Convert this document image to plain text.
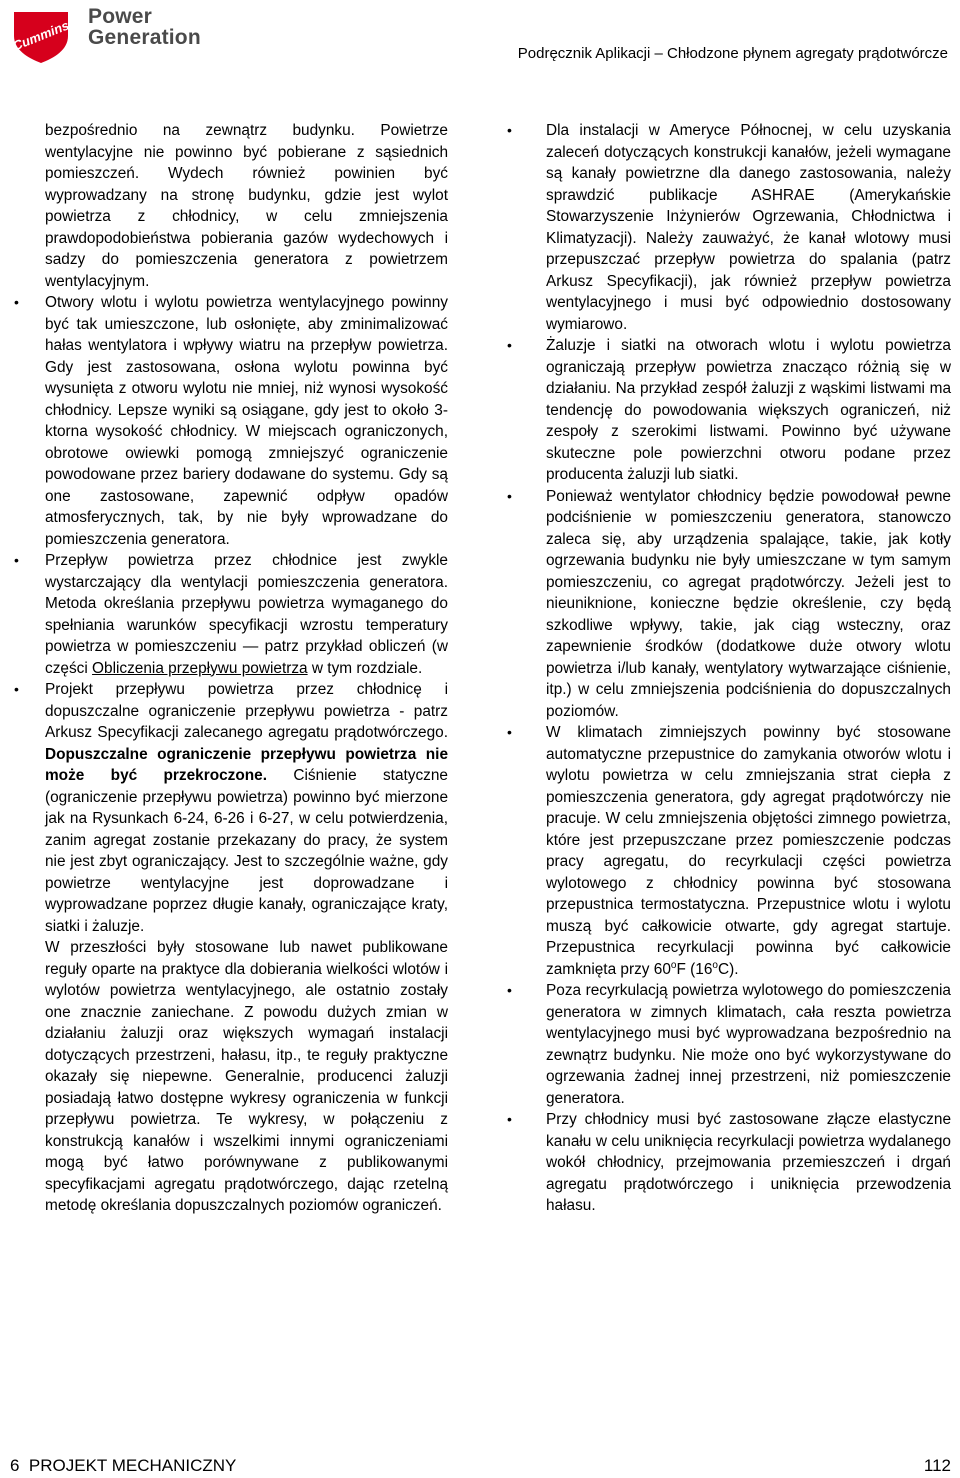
Cummins
Power
Generation
Podręcznik Aplikacji – Chłodzone płynem agregaty prądotwórcze
bezpośrednio na zewnątrz budynku. Powietrze wentylacyjne nie powinno być pobierane z sąsiednich pomieszczeń. Wydech również powinien być wyprowadzany na stronę budynku, gdzie jest wylot powietrza z chłodnicy, w celu zmniejszenia prawdopodobieństwa pobierania gazów wydechowych i sadzy do pomieszczenia generatora z powietrzem wentylacyjnym.
• Otwory wlotu i wylotu powietrza wentylacyjnego powinny być tak umieszczone, lub osłonięte, aby zminimalizować hałas wentylatora i wpływy wiatru na przepływ powietrza. Gdy jest zastosowana, osłona wylotu powinna być wysunięta z otworu wylotu nie mniej, niż wynosi wysokość chłodnicy. Lepsze wyniki są osiągane, gdy jest to około 3-ktorna wysokość chłodnicy. W miejscach ograniczonych, obrotowe owiewki pomogą zmniejszyć ograniczenie powodowane przez bariery dodawane do systemu. Gdy są one zastosowane, zapewnić odpływ opadów atmosferycznych, tak, by nie były wprowadzane do pomieszczenia generatora.
• Przepływ powietrza przez chłodnice jest zwykle wystarczający dla wentylacji pomieszczenia generatora. Metoda określania przepływu powietrza wymaganego do spełniania warunków specyfikacji wzrostu temperatury powietrza w pomieszczeniu — patrz przykład obliczeń (w części Obliczenia przepływu powietrza w tym rozdziale.
• Projekt przepływu powietrza przez chłodnicę i dopuszczalne ograniczenie przepływu powietrza - patrz Arkusz Specyfikacji zalecanego agregatu prądotwórczego. Dopuszczalne ograniczenie przepływu powietrza nie może być przekroczone. Ciśnienie statyczne (ograniczenie przepływu powietrza) powinno być mierzone jak na Rysunkach 6-24, 6-26 i 6-27, w celu potwierdzenia, zanim agregat zostanie przekazany do pracy, że system nie jest zbyt ograniczający. Jest to szczególnie ważne, gdy powietrze wentylacyjne jest doprowadzane i wyprowadzane poprzez długie kanały, ograniczające kraty, siatki i żaluzje.
W przeszłości były stosowane lub nawet publikowane reguły oparte na praktyce dla dobierania wielkości wlotów i wylotów powietrza wentylacyjnego, ale ostatnio zostały one znacznie zaniechane. Z powodu dużych zmian w działaniu żaluzji oraz większych wymagań instalacji dotyczących przestrzeni, hałasu, itp., te reguły praktyczne okazały się niepewne. Generalnie, producenci żaluzji posiadają łatwo dostępne wykresy ograniczenia w funkcji przepływu powietrza. Te wykresy, w połączeniu z konstrukcją kanałów i wszelkimi innymi ograniczeniami mogą być łatwo porównywane z publikowanymi specyfikacjami agregatu prądotwórczego, dając rzetelną metodę określania dopuszczalnych poziomów ograniczeń.
• Dla instalacji w Ameryce Północnej, w celu uzyskania zaleceń dotyczących konstrukcji kanałów, jeżeli wymagane są kanały powietrzne dla danego zastosowania, należy sprawdzić publikacje ASHRAE (Amerykańskie Stowarzyszenie Inżynierów Ogrzewania, Chłodnictwa i Klimatyzacji). Należy zauważyć, że kanał wlotowy musi przepuszczać przepływ powietrza do spalania (patrz Arkusz Specyfikacji), jak również przepływ powietrza wentylacyjnego i musi być odpowiednio dostosowany wymiarowo.
• Żaluzje i siatki na otworach wlotu i wylotu powietrza ograniczają przepływ powietrza znacząco różnią się w działaniu. Na przykład zespół żaluzji z wąskimi listwami ma tendencję do powodowania większych ograniczeń, niż zespoły z szerokimi listwami. Powinno być używane skuteczne pole powierzchni otworu podane przez producenta żaluzji lub siatki.
• Ponieważ wentylator chłodnicy będzie powodował pewne podciśnienie w pomieszczeniu generatora, stanowczo zaleca się, aby urządzenia spalające, takie, jak kotły ogrzewania budynku nie były umieszczane w tym samym pomieszczeniu, co agregat prądotwórczy. Jeżeli jest to nieuniknione, konieczne będzie określenie, czy będą szkodliwe wpływy, takie, jak ciąg wsteczny, oraz zapewnienie środków (dodatkowe duże otwory wlotu powietrza i/lub kanały, wentylatory wytwarzające ciśnienie, itp.) w celu zmniejszenia podciśnienia do dopuszczalnych poziomów.
• W klimatach zimniejszych powinny być stosowane automatyczne przepustnice do zamykania otworów wlotu i wylotu powietrza w celu zmniejszania strat ciepła z pomieszczenia generatora, gdy agregat prądotwórczy nie pracuje. W celu zmniejszenia objętości zimnego powietrza, które jest przepuszczane przez pomieszczenie podczas pracy agregatu, do recyrkulacji części powietrza wylotowego z chłodnicy powinna być stosowana przepustnica termostatyczna. Przepustnice wlotu i wylotu muszą być całkowicie otwarte, gdy agregat startuje. Przepustnica recyrkulacji powinna być całkowicie zamknięta przy 60$^o$F (16$^o$C).
• Poza recyrkulacją powietrza wylotowego do pomieszczenia generatora w zimnych klimatach, cała reszta powietrza wentylacyjnego musi być wyprowadzana bezpośrednio na zewnątrz budynku. Nie może ono być wykorzystywane do ogrzewania żadnej innej przestrzeni, niż pomieszczenie generatora.
• Przy chłodnicy musi być zastosowane złącze elastyczne kanału w celu uniknięcia recyrkulacji powietrza wydalanego wokół chłodnicy, przejmowania przemieszczeń i drgań agregatu prądotwórczego i uniknięcia przewodzenia hałasu.
6  PROJEKT MECHANICZNY	112
